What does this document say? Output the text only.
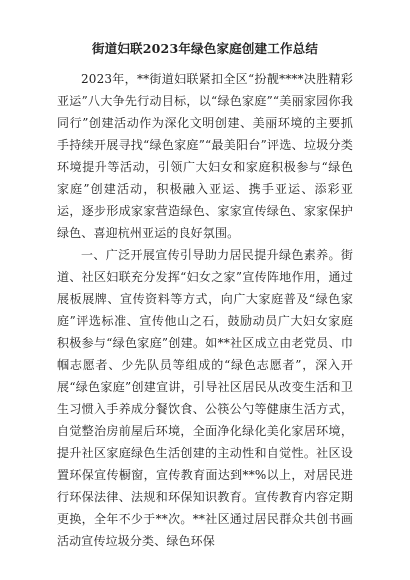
街道妇联2023年绿色家庭创建工作总结

2023年，**街道妇联紧扣全区“扮靓****决胜精彩亚运”八大争先行动目标，以“绿色家庭”“美丽家园你我同行”创建活动作为深化文明创建、美丽环境的主要抓手持续开展寻找“绿色家庭”“最美阳台”评选、垃圾分类环境提升等活动，引领广大妇女和家庭积极参与“绿色家庭”创建活动，积极融入亚运、携手亚运、添彩亚运，逐步形成家家营造绿色、家家宣传绿色、家家保护绿色、喜迎杭州亚运的良好氛围。

一、广泛开展宣传引导助力居民提升绿色素养。街道、社区妇联充分发挥“妇女之家”宣传阵地作用，通过展板展牌、宣传资料等方式，向广大家庭普及“绿色家庭”评选标准、宣传他山之石，鼓励动员广大妇女家庭积极参与“绿色家庭”创建。如**社区成立由老党员、巾帼志愿者、少先队员等组成的“绿色志愿者”，深入开展“绿色家庭”创建宣讲，引导社区居民从改变生活和卫生习惯入手养成分餐饮食、公筷公勺等健康生活方式，自觉整治房前屋后环境，全面净化绿化美化家居环境，提升社区家庭绿色生活创建的主动性和自觉性。社区设置环保宣传橱窗，宣传教育面达到**%以上，对居民进行环保法律、法规和环保知识教育。宣传教育内容定期更换，全年不少于**次。**社区通过居民群众共创书画活动宣传垃圾分类、绿色环保
